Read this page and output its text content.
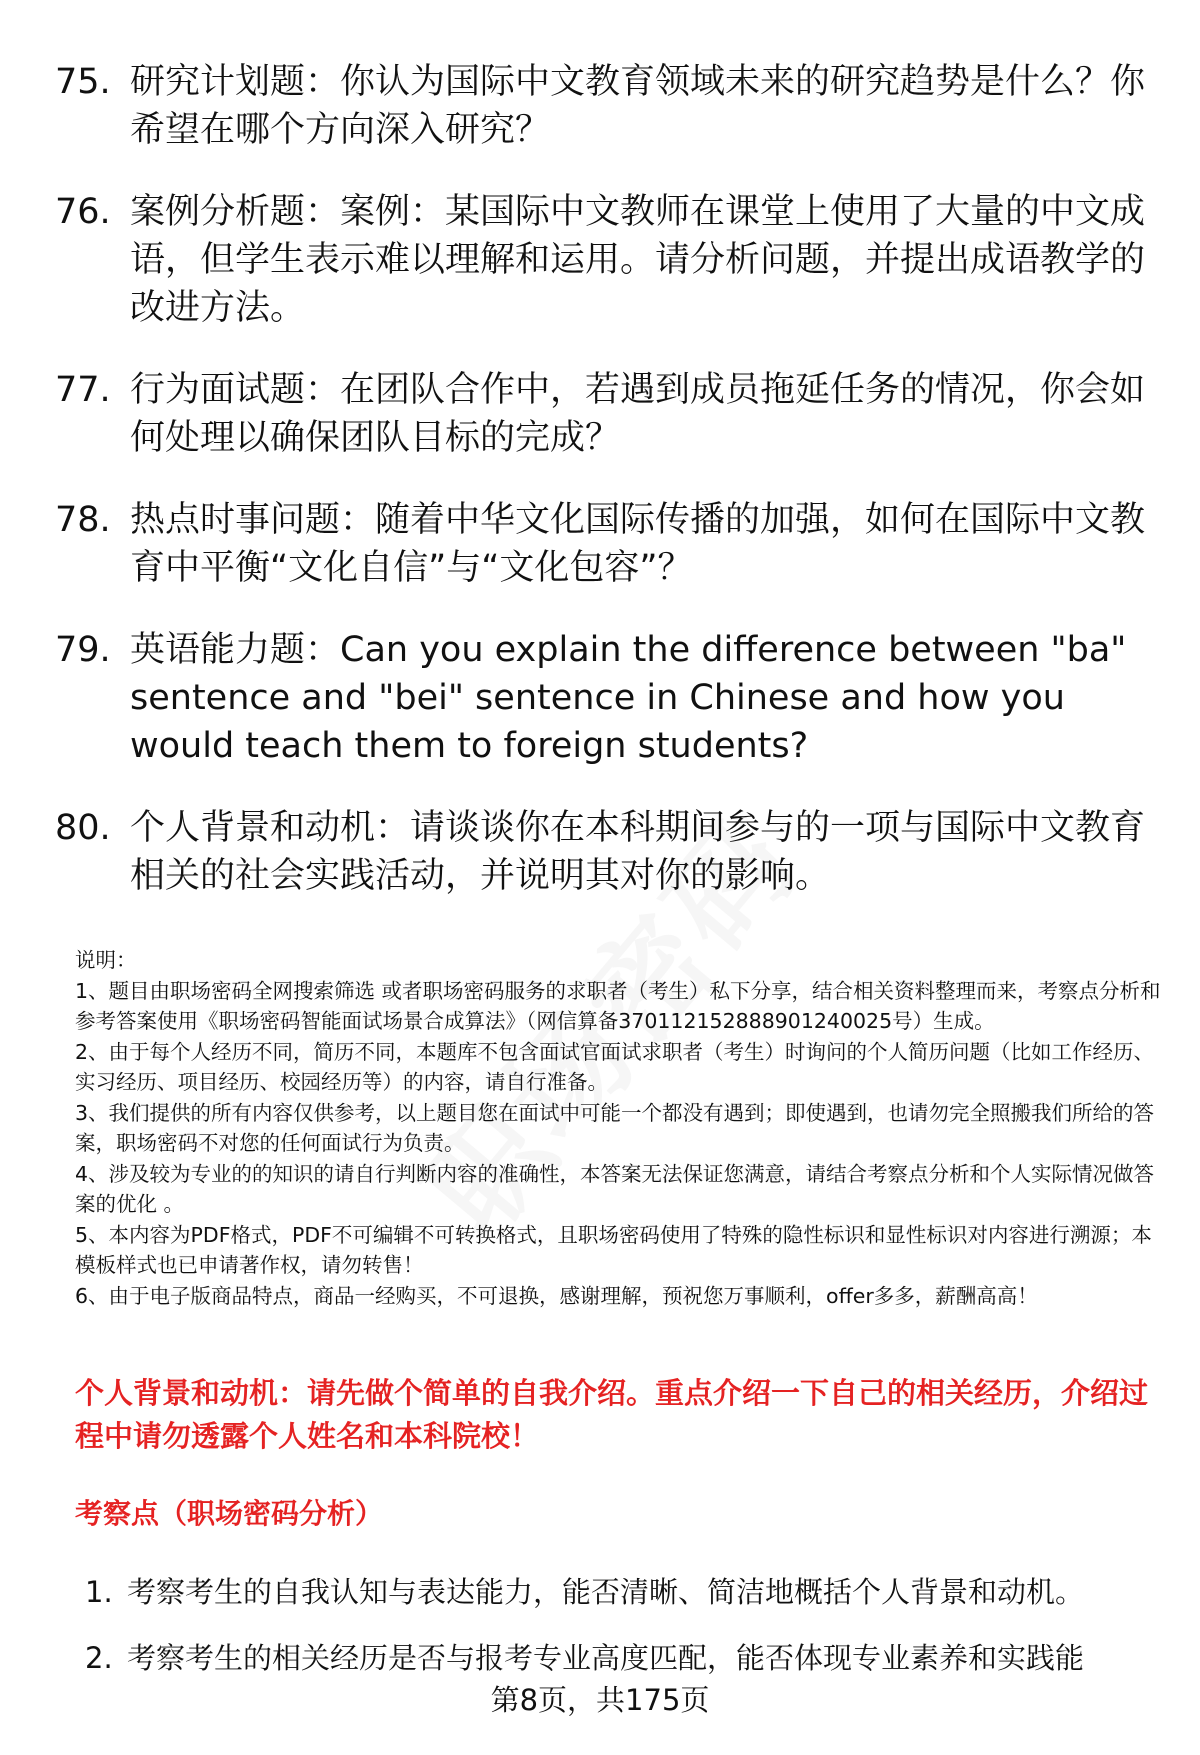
75. 研究计划题：你认为国际中文教育领域未来的研究趋势是什么？你希望在哪个方向深入研究？
76. 案例分析题：案例：某国际中文教师在课堂上使用了大量的中文成语，但学生表示难以理解和运用。请分析问题，并提出成语教学的改进方法。
77. 行为面试题：在团队合作中，若遇到成员拖延任务的情况，你会如何处理以确保团队目标的完成？
78. 热点时事问题：随着中华文化国际传播的加强，如何在国际中文教育中平衡“文化自信”与“文化包容”？
79. 英语能力题：Can you explain the difference between "ba" sentence and "bei" sentence in Chinese and how you would teach them to foreign students?
80. 个人背景和动机：请谈谈你在本科期间参与的一项与国际中文教育相关的社会实践活动，并说明其对你的影响。

说明：

1、题目由职场密码全网搜索筛选 或者职场密码服务的求职者（考生）私下分享，结合相关资料整理而来，考察点分析和参考答案使用《职场密码智能面试场景合成算法》（网信算备370112152888901240025号）生成。

2、由于每个人经历不同，简历不同，本题库不包含面试官面试求职者（考生）时询问的个人简历问题（比如工作经历、实习经历、项目经历、校园经历等）的内容，请自行准备。

3、我们提供的所有内容仅供参考，以上题目您在面试中可能一个都没有遇到；即使遇到，也请勿完全照搬我们所给的答案，职场密码不对您的任何面试行为负责。

4、涉及较为专业的的知识的请自行判断内容的准确性，本答案无法保证您满意，请结合考察点分析和个人实际情况做答案的优化 。

5、本内容为PDF格式，PDF不可编辑不可转换格式，且职场密码使用了特殊的隐性标识和显性标识对内容进行溯源；本模板样式也已申请著作权，请勿转售！

6、由于电子版商品特点，商品一经购买，不可退换，感谢理解，预祝您万事顺利，offer多多，薪酬高高！

个人背景和动机：请先做个简单的自我介绍。重点介绍一下自己的相关经历，介绍过程中请勿透露个人姓名和本科院校！

考察点（职场密码分析）

1. 考察考生的自我认知与表达能力，能否清晰、简洁地概括个人背景和动机。
2. 考察考生的相关经历是否与报考专业高度匹配，能否体现专业素养和实践能
第8页，共175页
